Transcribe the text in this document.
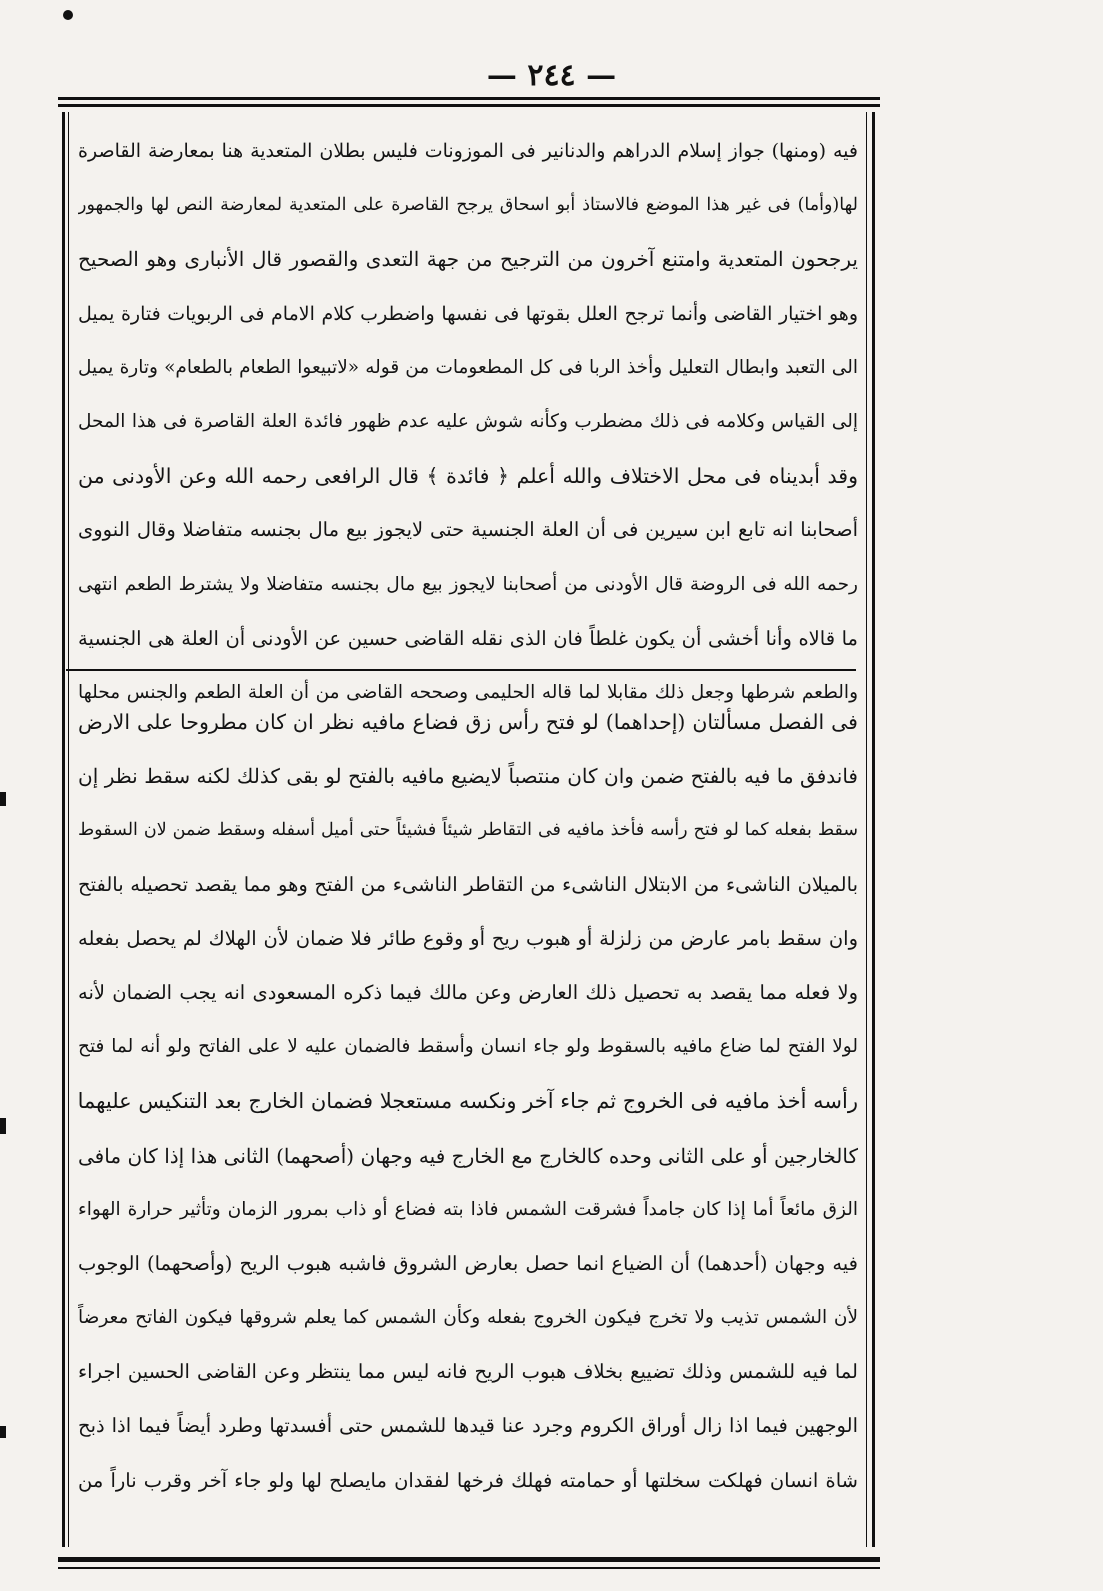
— ٢٤٤ —
فيه (ومنها) جواز إسلام الدراهم والدنانير فى الموزونات فليس بطلان المتعدية هنا بمعارضة القاصرة
لها(وأما) فى غير هذا الموضع فالاستاذ أبو اسحاق يرجح القاصرة على المتعدية لمعارضة النص لها والجمهور
يرجحون المتعدية وامتنع آخرون من الترجيح من جهة التعدى والقصور قال الأنبارى وهو الصحيح
وهو اختيار القاضى وأنما ترجح العلل بقوتها فى نفسها واضطرب كلام الامام فى الربويات فتارة يميل
الى التعبد وابطال التعليل وأخذ الربا فى كل المطعومات من قوله «لاتبيعوا الطعام بالطعام» وتارة يميل
إلى القياس وكلامه فى ذلك مضطرب وكأنه شوش عليه عدم ظهور فائدة العلة القاصرة فى هذا المحل
وقد أبديناه فى محل الاختلاف والله أعلم ﴿ فائدة ﴾ قال الرافعى رحمه الله وعن الأودنى من
أصحابنا انه تابع ابن سيرين فى أن العلة الجنسية حتى لايجوز بيع مال بجنسه متفاضلا وقال النووى
رحمه الله فى الروضة قال الأودنى من أصحابنا لايجوز بيع مال بجنسه متفاضلا ولا يشترط الطعم انتهى
ما قالاه وأنا أخشى أن يكون غلطاً فان الذى نقله القاضى حسين عن الأودنى أن العلة هى الجنسية
والطعم شرطها وجعل ذلك مقابلا لما قاله الحليمى وصححه القاضى من أن العلة الطعم والجنس محلها
فى الفصل مسألتان (إحداهما) لو فتح رأس زق فضاع مافيه نظر ان كان مطروحا على الارض
فاندفق ما فيه بالفتح ضمن وان كان منتصباً لايضيع مافيه بالفتح لو بقى كذلك لكنه سقط نظر إن
سقط بفعله كما لو فتح رأسه فأخذ مافيه فى التقاطر شيئاً فشيئاً حتى أميل أسفله وسقط ضمن لان السقوط
بالميلان الناشىء من الابتلال الناشىء من التقاطر الناشىء من الفتح وهو مما يقصد تحصيله بالفتح
وان سقط بامر عارض من زلزلة أو هبوب ريح أو وقوع طائر فلا ضمان لأن الهلاك لم يحصل بفعله
ولا فعله مما يقصد به تحصيل ذلك العارض وعن مالك فيما ذكره المسعودى انه يجب الضمان لأنه
لولا الفتح لما ضاع مافيه بالسقوط ولو جاء انسان وأسقط فالضمان عليه لا على الفاتح ولو أنه لما فتح
رأسه أخذ مافيه فى الخروج ثم جاء آخر ونكسه مستعجلا فضمان الخارج بعد التنكيس عليهما
كالخارجين أو على الثانى وحده كالخارج مع الخارج فيه وجهان (أصحهما) الثانى هذا إذا كان مافى
الزق مائعاً أما إذا كان جامداً فشرقت الشمس فاذا بته فضاع أو ذاب بمرور الزمان وتأثير حرارة الهواء
فيه وجهان (أحدهما) أن الضياع انما حصل بعارض الشروق فاشبه هبوب الريح (وأصحهما) الوجوب
لأن الشمس تذيب ولا تخرج فيكون الخروج بفعله وكأن الشمس كما يعلم شروقها فيكون الفاتح معرضاً
لما فيه للشمس وذلك تضييع بخلاف هبوب الريح فانه ليس مما ينتظر وعن القاضى الحسين اجراء
الوجهين فيما اذا زال أوراق الكروم وجرد عنا قيدها للشمس حتى أفسدتها وطرد أيضاً فيما اذا ذبح
شاة انسان فهلكت سخلتها أو حمامته فهلك فرخها لفقدان مايصلح لها ولو جاء آخر وقرب ناراً من
